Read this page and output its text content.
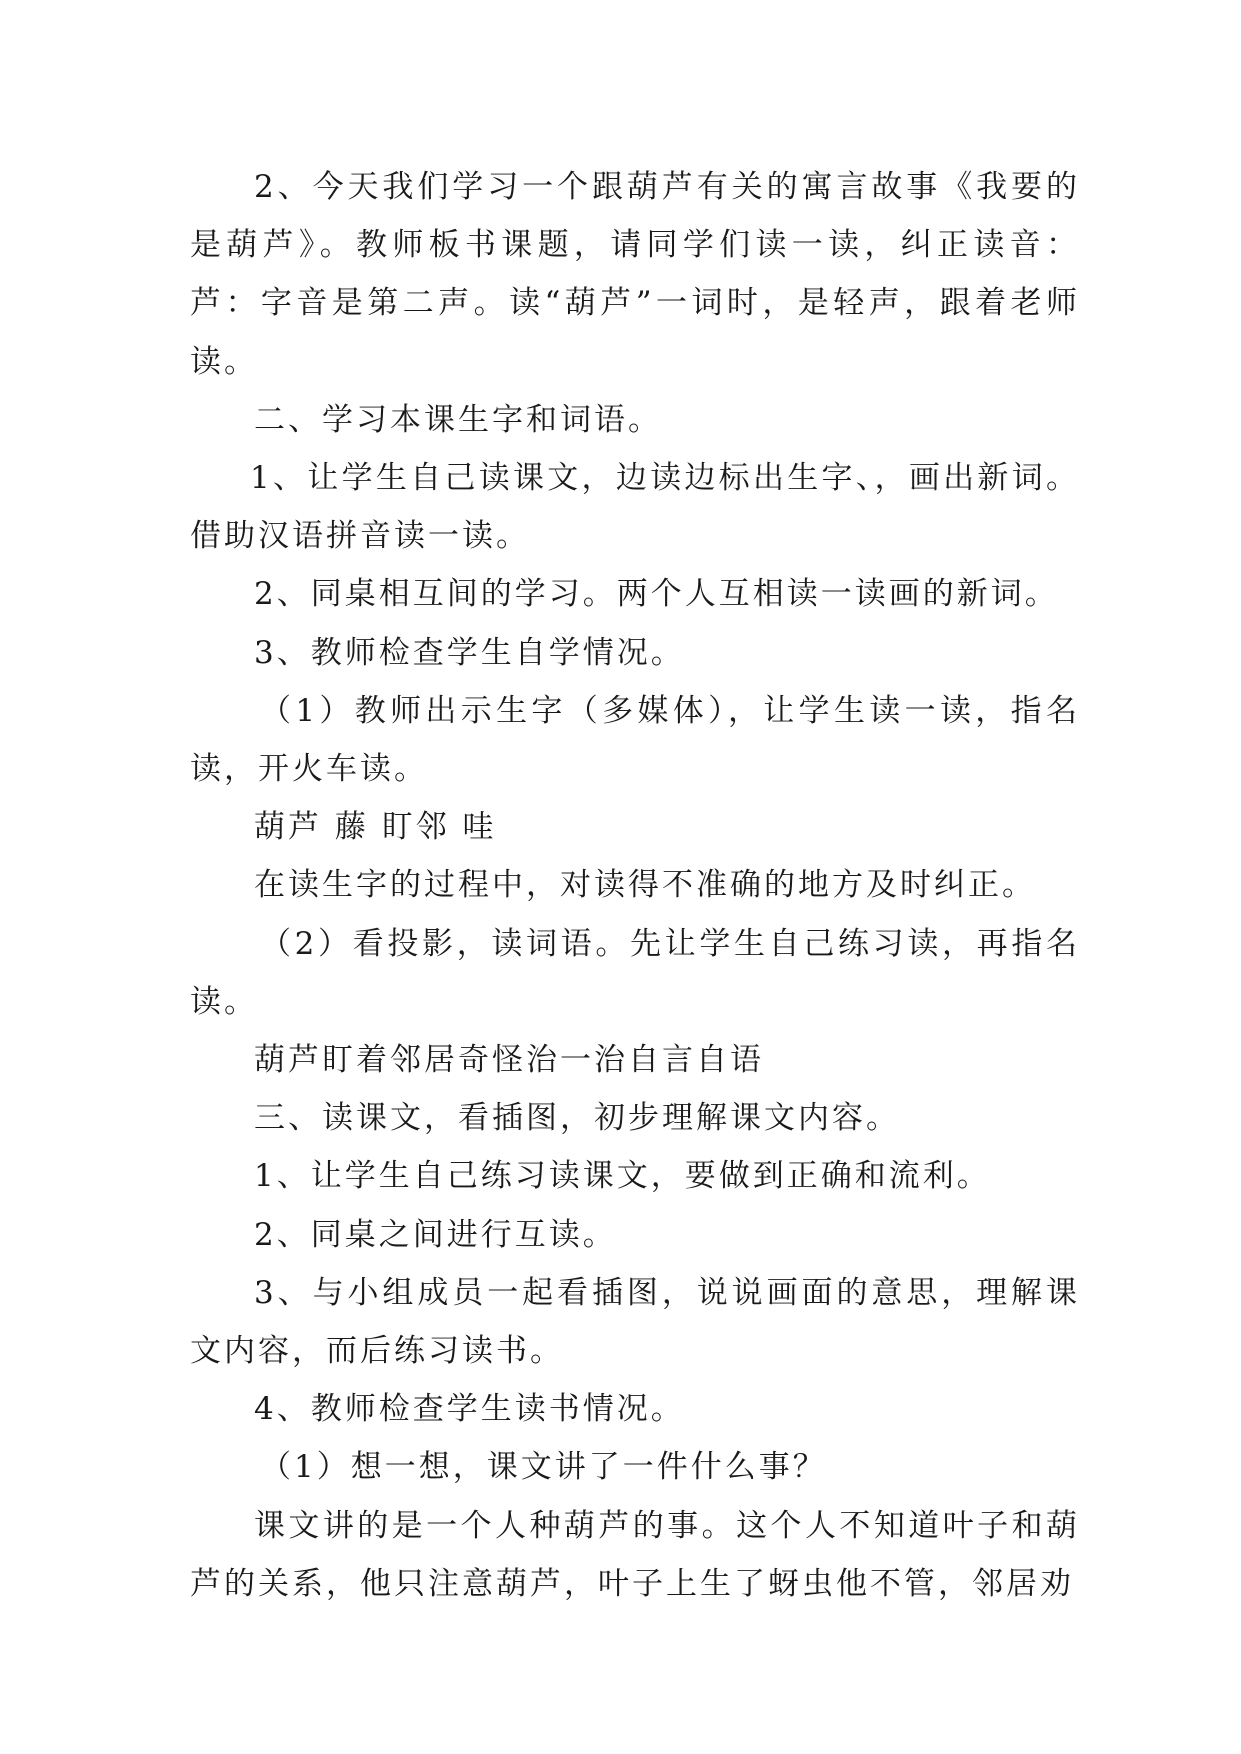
2、今天我们学习一个跟葫芦有关的寓言故事《我要的是葫芦》。教师板书课题，请同学们读一读，纠正读音：芦：字音是第二声。读“葫芦”一词时，是轻声，跟着老师读。

二、学习本课生字和词语。

1、让学生自己读课文，边读边标出生字、，画出新词。借助汉语拼音读一读。

2、同桌相互间的学习。两个人互相读一读画的新词。

3、教师检查学生自学情况。

（1）教师出示生字（多媒体），让学生读一读，指名读，开火车读。

葫芦 藤 盯邻 哇

在读生字的过程中，对读得不准确的地方及时纠正。

（2）看投影，读词语。先让学生自己练习读，再指名读。

葫芦盯着邻居奇怪治一治自言自语

三、读课文，看插图，初步理解课文内容。

1、让学生自己练习读课文，要做到正确和流利。

2、同桌之间进行互读。

3、与小组成员一起看插图，说说画面的意思，理解课文内容，而后练习读书。

4、教师检查学生读书情况。

（1）想一想，课文讲了一件什么事？

课文讲的是一个人种葫芦的事。这个人不知道叶子和葫芦的关系，他只注意葫芦，叶子上生了蚜虫他不管，邻居劝
